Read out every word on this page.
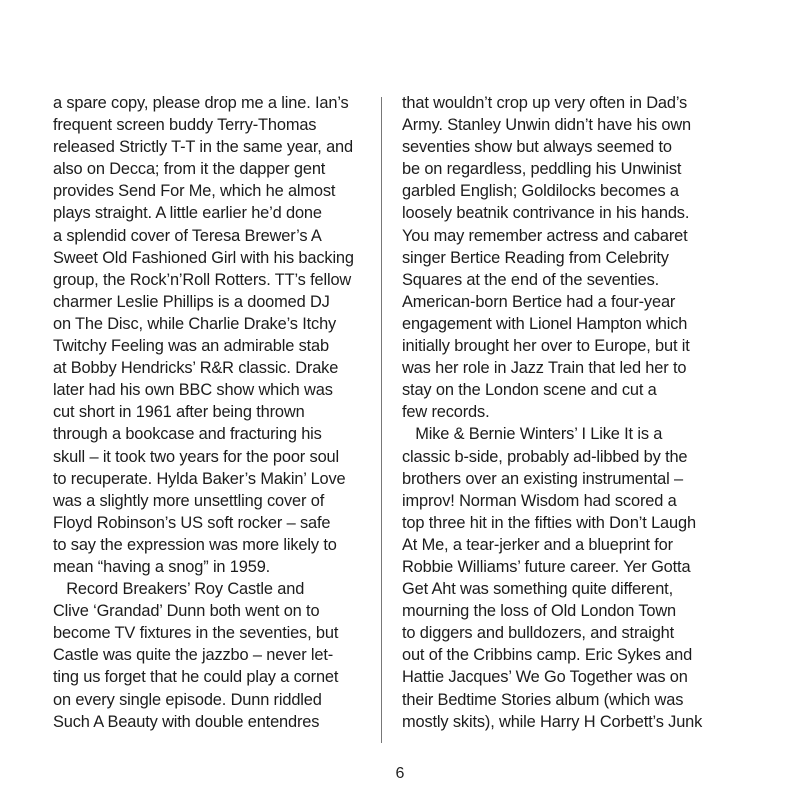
a spare copy, please drop me a line. Ian’s
frequent screen buddy Terry-Thomas
released Strictly T-T in the same year, and
also on Decca; from it the dapper gent
provides Send For Me, which he almost
plays straight. A little earlier he’d done
a splendid cover of Teresa Brewer’s A
Sweet Old Fashioned Girl with his backing
group, the Rock’n’Roll Rotters. TT’s fellow
charmer Leslie Phillips is a doomed DJ
on The Disc, while Charlie Drake’s Itchy
Twitchy Feeling was an admirable stab
at Bobby Hendricks’ R&R classic. Drake
later had his own BBC show which was
cut short in 1961 after being thrown
through a bookcase and fracturing his
skull – it took two years for the poor soul
to recuperate. Hylda Baker’s Makin’ Love
was a slightly more unsettling cover of
Floyd Robinson’s US soft rocker – safe
to say the expression was more likely to
mean “having a snog” in 1959.
Record Breakers’ Roy Castle and
Clive ‘Grandad’ Dunn both went on to
become TV fixtures in the seventies, but
Castle was quite the jazzbo – never let-
ting us forget that he could play a cornet
on every single episode. Dunn riddled
Such A Beauty with double entendres
that wouldn’t crop up very often in Dad’s
Army. Stanley Unwin didn’t have his own
seventies show but always seemed to
be on regardless, peddling his Unwinist
garbled English; Goldilocks becomes a
loosely beatnik contrivance in his hands.
You may remember actress and cabaret
singer Bertice Reading from Celebrity
Squares at the end of the seventies.
American-born Bertice had a four-year
engagement with Lionel Hampton which
initially brought her over to Europe, but it
was her role in Jazz Train that led her to
stay on the London scene and cut a
few records.
Mike & Bernie Winters’ I Like It is a
classic b-side, probably ad-libbed by the
brothers over an existing instrumental –
improv! Norman Wisdom had scored a
top three hit in the fifties with Don’t Laugh
At Me, a tear-jerker and a blueprint for
Robbie Williams’ future career. Yer Gotta
Get Aht was something quite different,
mourning the loss of Old London Town
to diggers and bulldozers, and straight
out of the Cribbins camp. Eric Sykes and
Hattie Jacques’ We Go Together was on
their Bedtime Stories album (which was
mostly skits), while Harry H Corbett’s Junk
6
